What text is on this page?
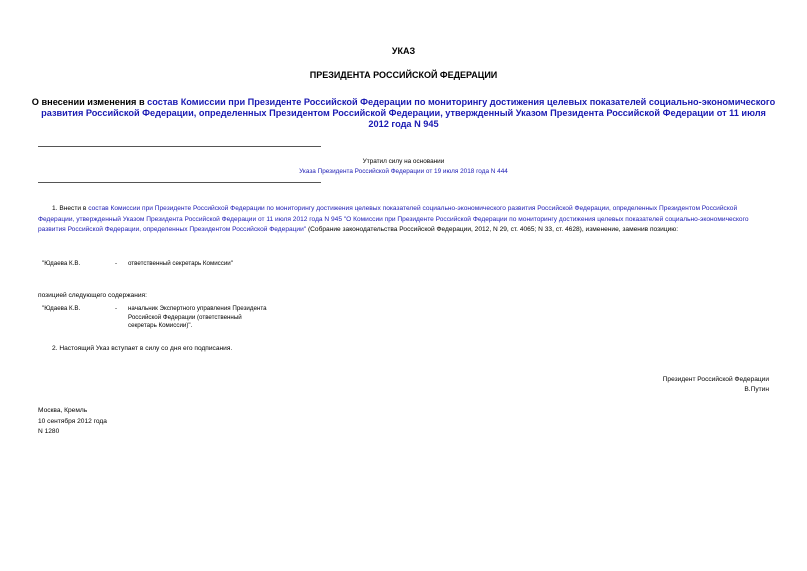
УКАЗ
ПРЕЗИДЕНТА РОССИЙСКОЙ ФЕДЕРАЦИИ
О внесении изменения в состав Комиссии при Президенте Российской Федерации по мониторингу достижения целевых показателей социально-экономического развития Российской Федерации, определенных Президентом Российской Федерации, утвержденный Указом Президента Российской Федерации от 11 июля 2012 года N 945
Утратил силу на основании
Указа Президента Российской Федерации от 19 июля 2018 года N 444
1. Внести в состав Комиссии при Президенте Российской Федерации по мониторингу достижения целевых показателей социально-экономического развития Российской Федерации, определенных Президентом Российской Федерации, утвержденный Указом Президента Российской Федерации от 11 июля 2012 года N 945 "О Комиссии при Президенте Российской Федерации по мониторингу достижения целевых показателей социально-экономического развития Российской Федерации, определенных Президентом Российской Федерации" (Собрание законодательства Российской Федерации, 2012, N 29, ст. 4065; N 33, ст. 4628), изменение, заменив позицию:
"Юдаева К.В.	- ответственный секретарь Комиссии"
позицией следующего содержания:
"Юдаева К.В.	- начальник Экспертного управления Президента
Российской Федерации (ответственный
секретарь Комиссии)".
2. Настоящий Указ вступает в силу со дня его подписания.
Президент Российской Федерации
В.Путин
Москва, Кремль
10 сентября 2012 года
N 1280
